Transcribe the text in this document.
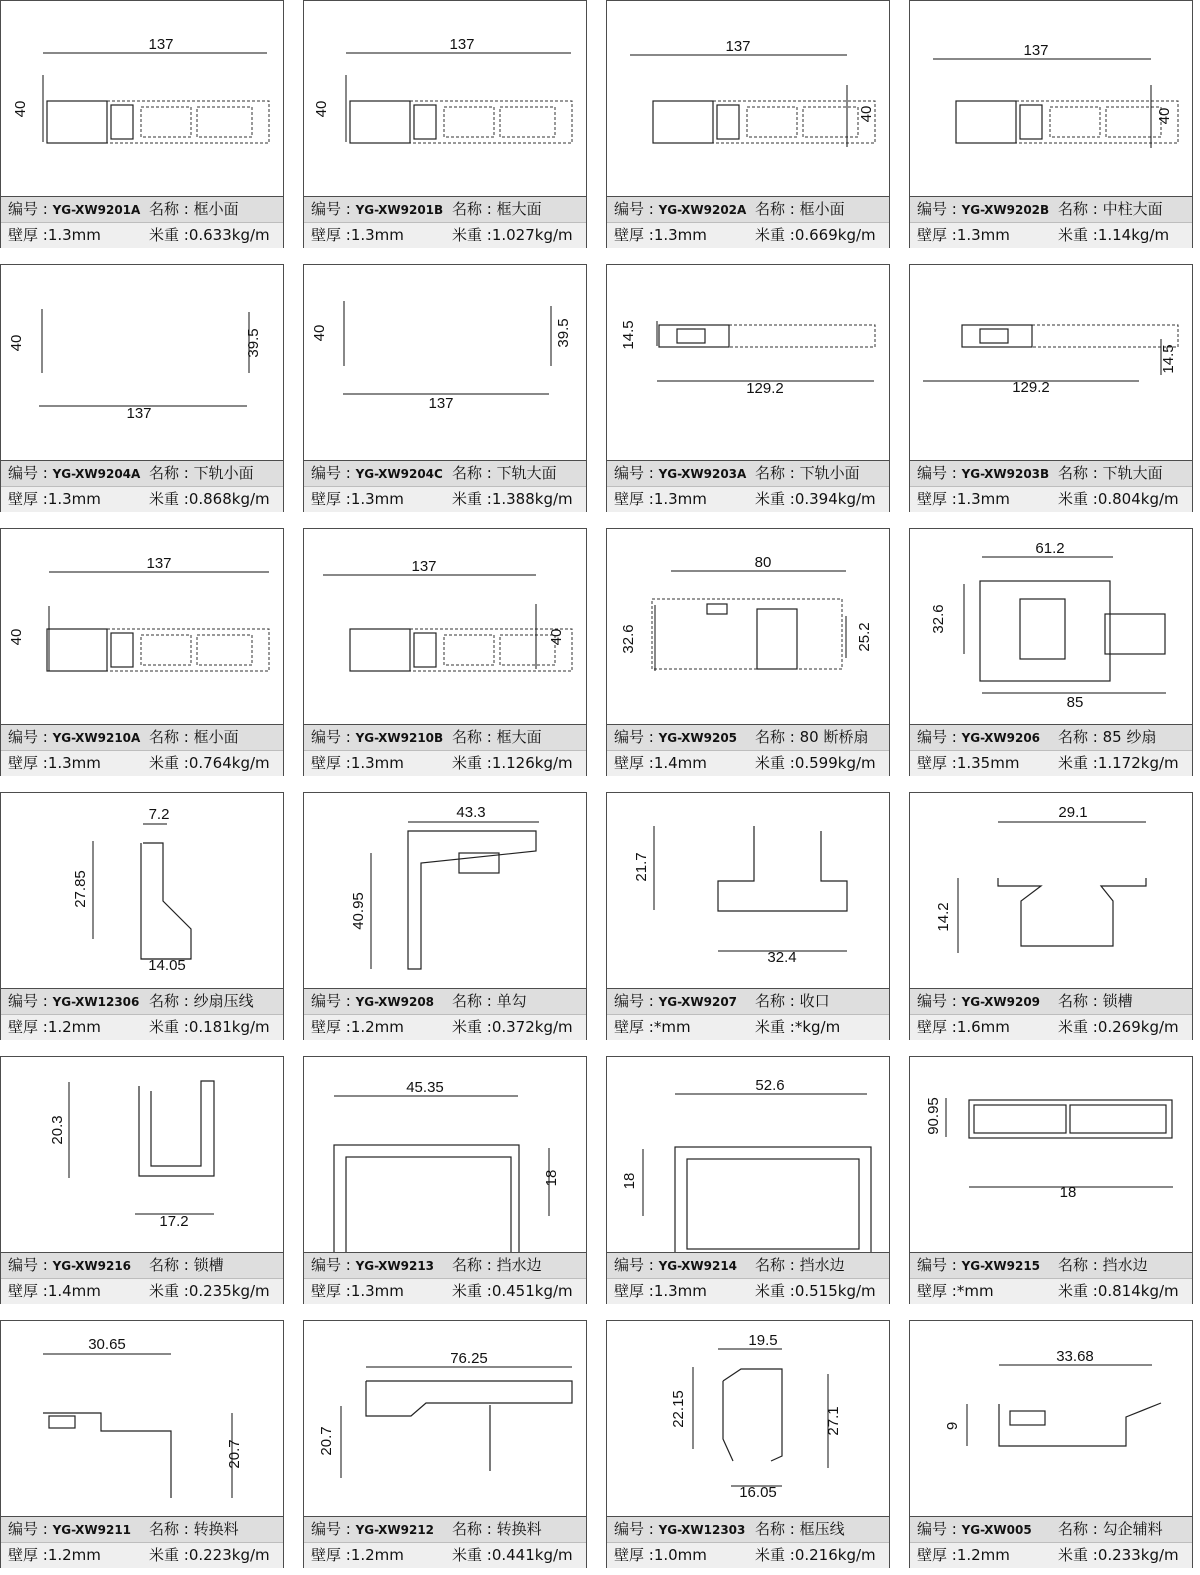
137
40
编号 : YG-XW9201A 名称 : 框小面
壁厚 :1.3mm	米重 :0.633kg/m
137
40
编号 : YG-XW9201B 名称 : 框大面
壁厚 :1.3mm	米重 :1.027kg/m
137
40
编号 : YG-XW9202A 名称 : 框小面
壁厚 :1.3mm	米重 :0.669kg/m
137
40
编号 : YG-XW9202B 名称 : 中柱大面
壁厚 :1.3mm	米重 :1.14kg/m
40	39.5
137
编号 : YG-XW9204A 名称 : 下轨小面
壁厚 :1.3mm	米重 :0.868kg/m
40	39.5
137
编号 : YG-XW9204C 名称 : 下轨大面
壁厚 :1.3mm	米重 :1.388kg/m
14.5
129.2
编号 : YG-XW9203A 名称 : 下轨小面
壁厚 :1.3mm	米重 :0.394kg/m
14.5
129.2
编号 : YG-XW9203B 名称 : 下轨大面
壁厚 :1.3mm	米重 :0.804kg/m
137
40
编号 : YG-XW9210A 名称 : 框小面
壁厚 :1.3mm	米重 :0.764kg/m
137
40
编号 : YG-XW9210B 名称 : 框大面
壁厚 :1.3mm	米重 :1.126kg/m
80
32.6	25.2
编号 : YG-XW9205	名称 : 80 断桥扇
壁厚 :1.4mm	米重 :0.599kg/m
61.2
32.6
85
编号 : YG-XW9206	名称 : 85 纱扇
壁厚 :1.35mm	米重 :1.172kg/m
7.2
27.85
14.05
编号 : YG-XW12306 名称 : 纱扇压线
壁厚 :1.2mm	米重 :0.181kg/m
43.3
40.95
编号 : YG-XW9208	名称 : 单勾
壁厚 :1.2mm	米重 :0.372kg/m
21.7
32.4
编号 : YG-XW9207	名称 : 收口
壁厚 :*mm	米重 :*kg/m
29.1
14.2
编号 : YG-XW9209	名称 : 锁槽
壁厚 :1.6mm	米重 :0.269kg/m
20.3
17.2
编号 : YG-XW9216	名称 : 锁槽
壁厚 :1.4mm	米重 :0.235kg/m
45.35
18
编号 : YG-XW9213	名称 : 挡水边
壁厚 :1.3mm	米重 :0.451kg/m
52.6
18
编号 : YG-XW9214	名称 : 挡水边
壁厚 :1.3mm	米重 :0.515kg/m
18
90.95
编号 : YG-XW9215	名称 : 挡水边
壁厚 :*mm	米重 :0.814kg/m
30.65
20.7
编号 : YG-XW9211	名称 : 转换料
壁厚 :1.2mm	米重 :0.223kg/m
76.25
20.7
编号 : YG-XW9212	名称 : 转换料
壁厚 :1.2mm	米重 :0.441kg/m
19.5
22.15	27.1
16.05
编号 : YG-XW12303 名称 : 框压线
壁厚 :1.0mm	米重 :0.216kg/m
33.68
9
编号 : YG-XW005	名称 : 勾企辅料
壁厚 :1.2mm	米重 :0.233kg/m
